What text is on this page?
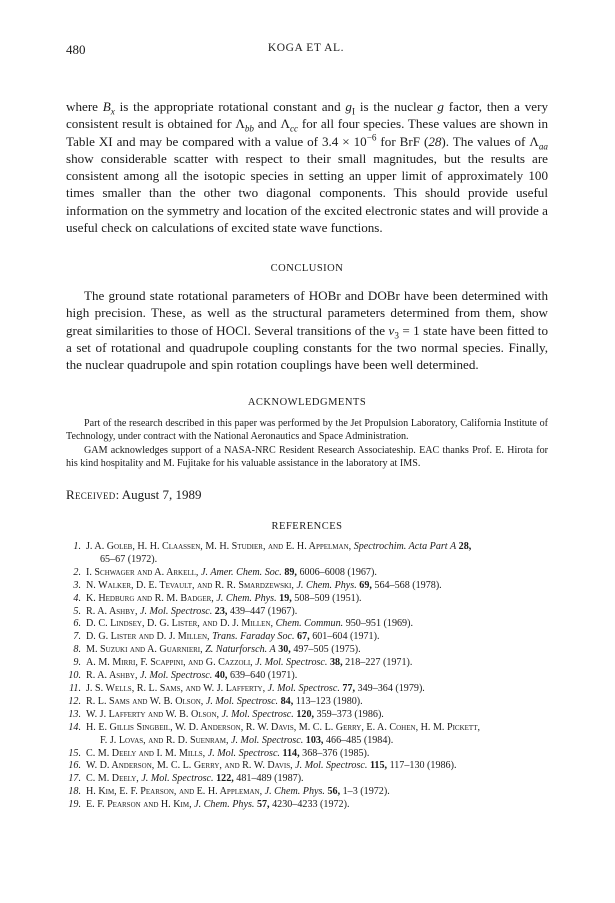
480	KOGA ET AL.
where $B_x$ is the appropriate rotational constant and $g_I$ is the nuclear g factor, then a very consistent result is obtained for $\Lambda_{bb}$ and $\Lambda_{cc}$ for all four species. These values are shown in Table XI and may be compared with a value of $3.4 \times 10^{-6}$ for BrF (28). The values of $\Lambda_{aa}$ show considerable scatter with respect to their small magnitudes, but the results are consistent among all the isotopic species in setting an upper limit of approximately 100 times smaller than the other two diagonal components. This should provide useful information on the symmetry and location of the excited electronic states and will provide a useful check on calculations of excited state wave functions.
CONCLUSION
The ground state rotational parameters of HOBr and DOBr have been determined with high precision. These, as well as the structural parameters determined from them, show great similarities to those of HOCl. Several transitions of the $v_3 = 1$ state have been fitted to a set of rotational and quadrupole coupling constants for the two normal species. Finally, the nuclear quadrupole and spin rotation couplings have been well determined.
ACKNOWLEDGMENTS
Part of the research described in this paper was performed by the Jet Propulsion Laboratory, California Institute of Technology, under contract with the National Aeronautics and Space Administration.
GAM acknowledges support of a NASA-NRC Resident Research Associateship. EAC thanks Prof. E. Hirota for his kind hospitality and M. Fujitake for his valuable assistance in the laboratory at IMS.
Received: August 7, 1989
REFERENCES
1. J. A. Goleb, H. H. Claassen, M. H. Studier, and E. H. Appelman, Spectrochim. Acta Part A 28,
65–67 (1972).
2. I. Schwager and A. Arkell, J. Amer. Chem. Soc. 89, 6006–6008 (1967).
3. N. Walker, D. E. Tevault, and R. R. Smardzewski, J. Chem. Phys. 69, 564–568 (1978).
4. K. Hedburg and R. M. Badger, J. Chem. Phys. 19, 508–509 (1951).
5. R. A. Ashby, J. Mol. Spectrosc. 23, 439–447 (1967).
6. D. C. Lindsey, D. G. Lister, and D. J. Millen, Chem. Commun. 950–951 (1969).
7. D. G. Lister and D. J. Millen, Trans. Faraday Soc. 67, 601–604 (1971).
8. M. Suzuki and A. Guarnieri, Z. Naturforsch. A 30, 497–505 (1975).
9. A. M. Mirri, F. Scappini, and G. Cazzoli, J. Mol. Spectrosc. 38, 218–227 (1971).
10. R. A. Ashby, J. Mol. Spectrosc. 40, 639–640 (1971).
11. J. S. Wells, R. L. Sams, and W. J. Lafferty, J. Mol. Spectrosc. 77, 349–364 (1979).
12. R. L. Sams and W. B. Olson, J. Mol. Spectrosc. 84, 113–123 (1980).
13. W. J. Lafferty and W. B. Olson, J. Mol. Spectrosc. 120, 359–373 (1986).
14. H. E. Gillis Singbeil, W. D. Anderson, R. W. Davis, M. C. L. Gerry, E. A. Cohen, H. M. Pickett,
F. J. Lovas, and R. D. Suenram, J. Mol. Spectrosc. 103, 466–485 (1984).
15. C. M. Deely and I. M. Mills, J. Mol. Spectrosc. 114, 368–376 (1985).
16. W. D. Anderson, M. C. L. Gerry, and R. W. Davis, J. Mol. Spectrosc. 115, 117–130 (1986).
17. C. M. Deely, J. Mol. Spectrosc. 122, 481–489 (1987).
18. H. Kim, E. F. Pearson, and E. H. Appleman, J. Chem. Phys. 56, 1–3 (1972).
19. E. F. Pearson and H. Kim, J. Chem. Phys. 57, 4230–4233 (1972).
